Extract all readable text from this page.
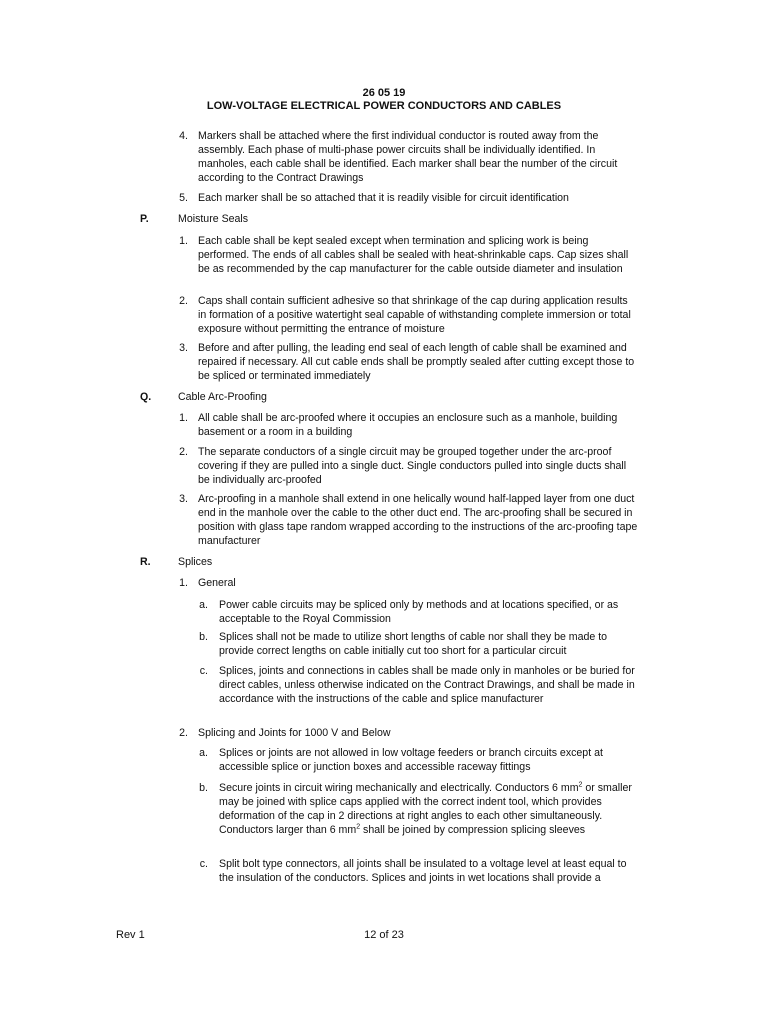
26 05 19
LOW-VOLTAGE ELECTRICAL POWER CONDUCTORS AND CABLES
4. Markers shall be attached where the first individual conductor is routed away from the assembly. Each phase of multi-phase power circuits shall be individually identified. In manholes, each cable shall be identified. Each marker shall bear the number of the circuit according to the Contract Drawings
5. Each marker shall be so attached that it is readily visible for circuit identification
P.	Moisture Seals
1. Each cable shall be kept sealed except when termination and splicing work is being performed. The ends of all cables shall be sealed with heat-shrinkable caps. Cap sizes shall be as recommended by the cap manufacturer for the cable outside diameter and insulation
2. Caps shall contain sufficient adhesive so that shrinkage of the cap during application results in formation of a positive watertight seal capable of withstanding complete immersion or total exposure without permitting the entrance of moisture
3. Before and after pulling, the leading end seal of each length of cable shall be examined and repaired if necessary. All cut cable ends shall be promptly sealed after cutting except those to be spliced or terminated immediately
Q.	Cable Arc-Proofing
1. All cable shall be arc-proofed where it occupies an enclosure such as a manhole, building basement or a room in a building
2. The separate conductors of a single circuit may be grouped together under the arc-proof covering if they are pulled into a single duct. Single conductors pulled into single ducts shall be individually arc-proofed
3. Arc-proofing in a manhole shall extend in one helically wound half-lapped layer from one duct end in the manhole over the cable to the other duct end. The arc-proofing shall be secured in position with glass tape random wrapped according to the instructions of the arc-proofing tape manufacturer
R.	Splices
1. General
a. Power cable circuits may be spliced only by methods and at locations specified, or as acceptable to the Royal Commission
b. Splices shall not be made to utilize short lengths of cable nor shall they be made to provide correct lengths on cable initially cut too short for a particular circuit
c. Splices, joints and connections in cables shall be made only in manholes or be buried for direct cables, unless otherwise indicated on the Contract Drawings, and shall be made in accordance with the instructions of the cable and splice manufacturer
2. Splicing and Joints for 1000 V and Below
a. Splices or joints are not allowed in low voltage feeders or branch circuits except at accessible splice or junction boxes and accessible raceway fittings
b. Secure joints in circuit wiring mechanically and electrically. Conductors 6 $mm^2$ or smaller may be joined with splice caps applied with the correct indent tool, which provides deformation of the cap in 2 directions at right angles to each other simultaneously. Conductors larger than 6 $mm^2$ shall be joined by compression splicing sleeves
c. Split bolt type connectors, all joints shall be insulated to a voltage level at least equal to the insulation of the conductors. Splices and joints in wet locations shall provide a
Rev 1	12 of 23
